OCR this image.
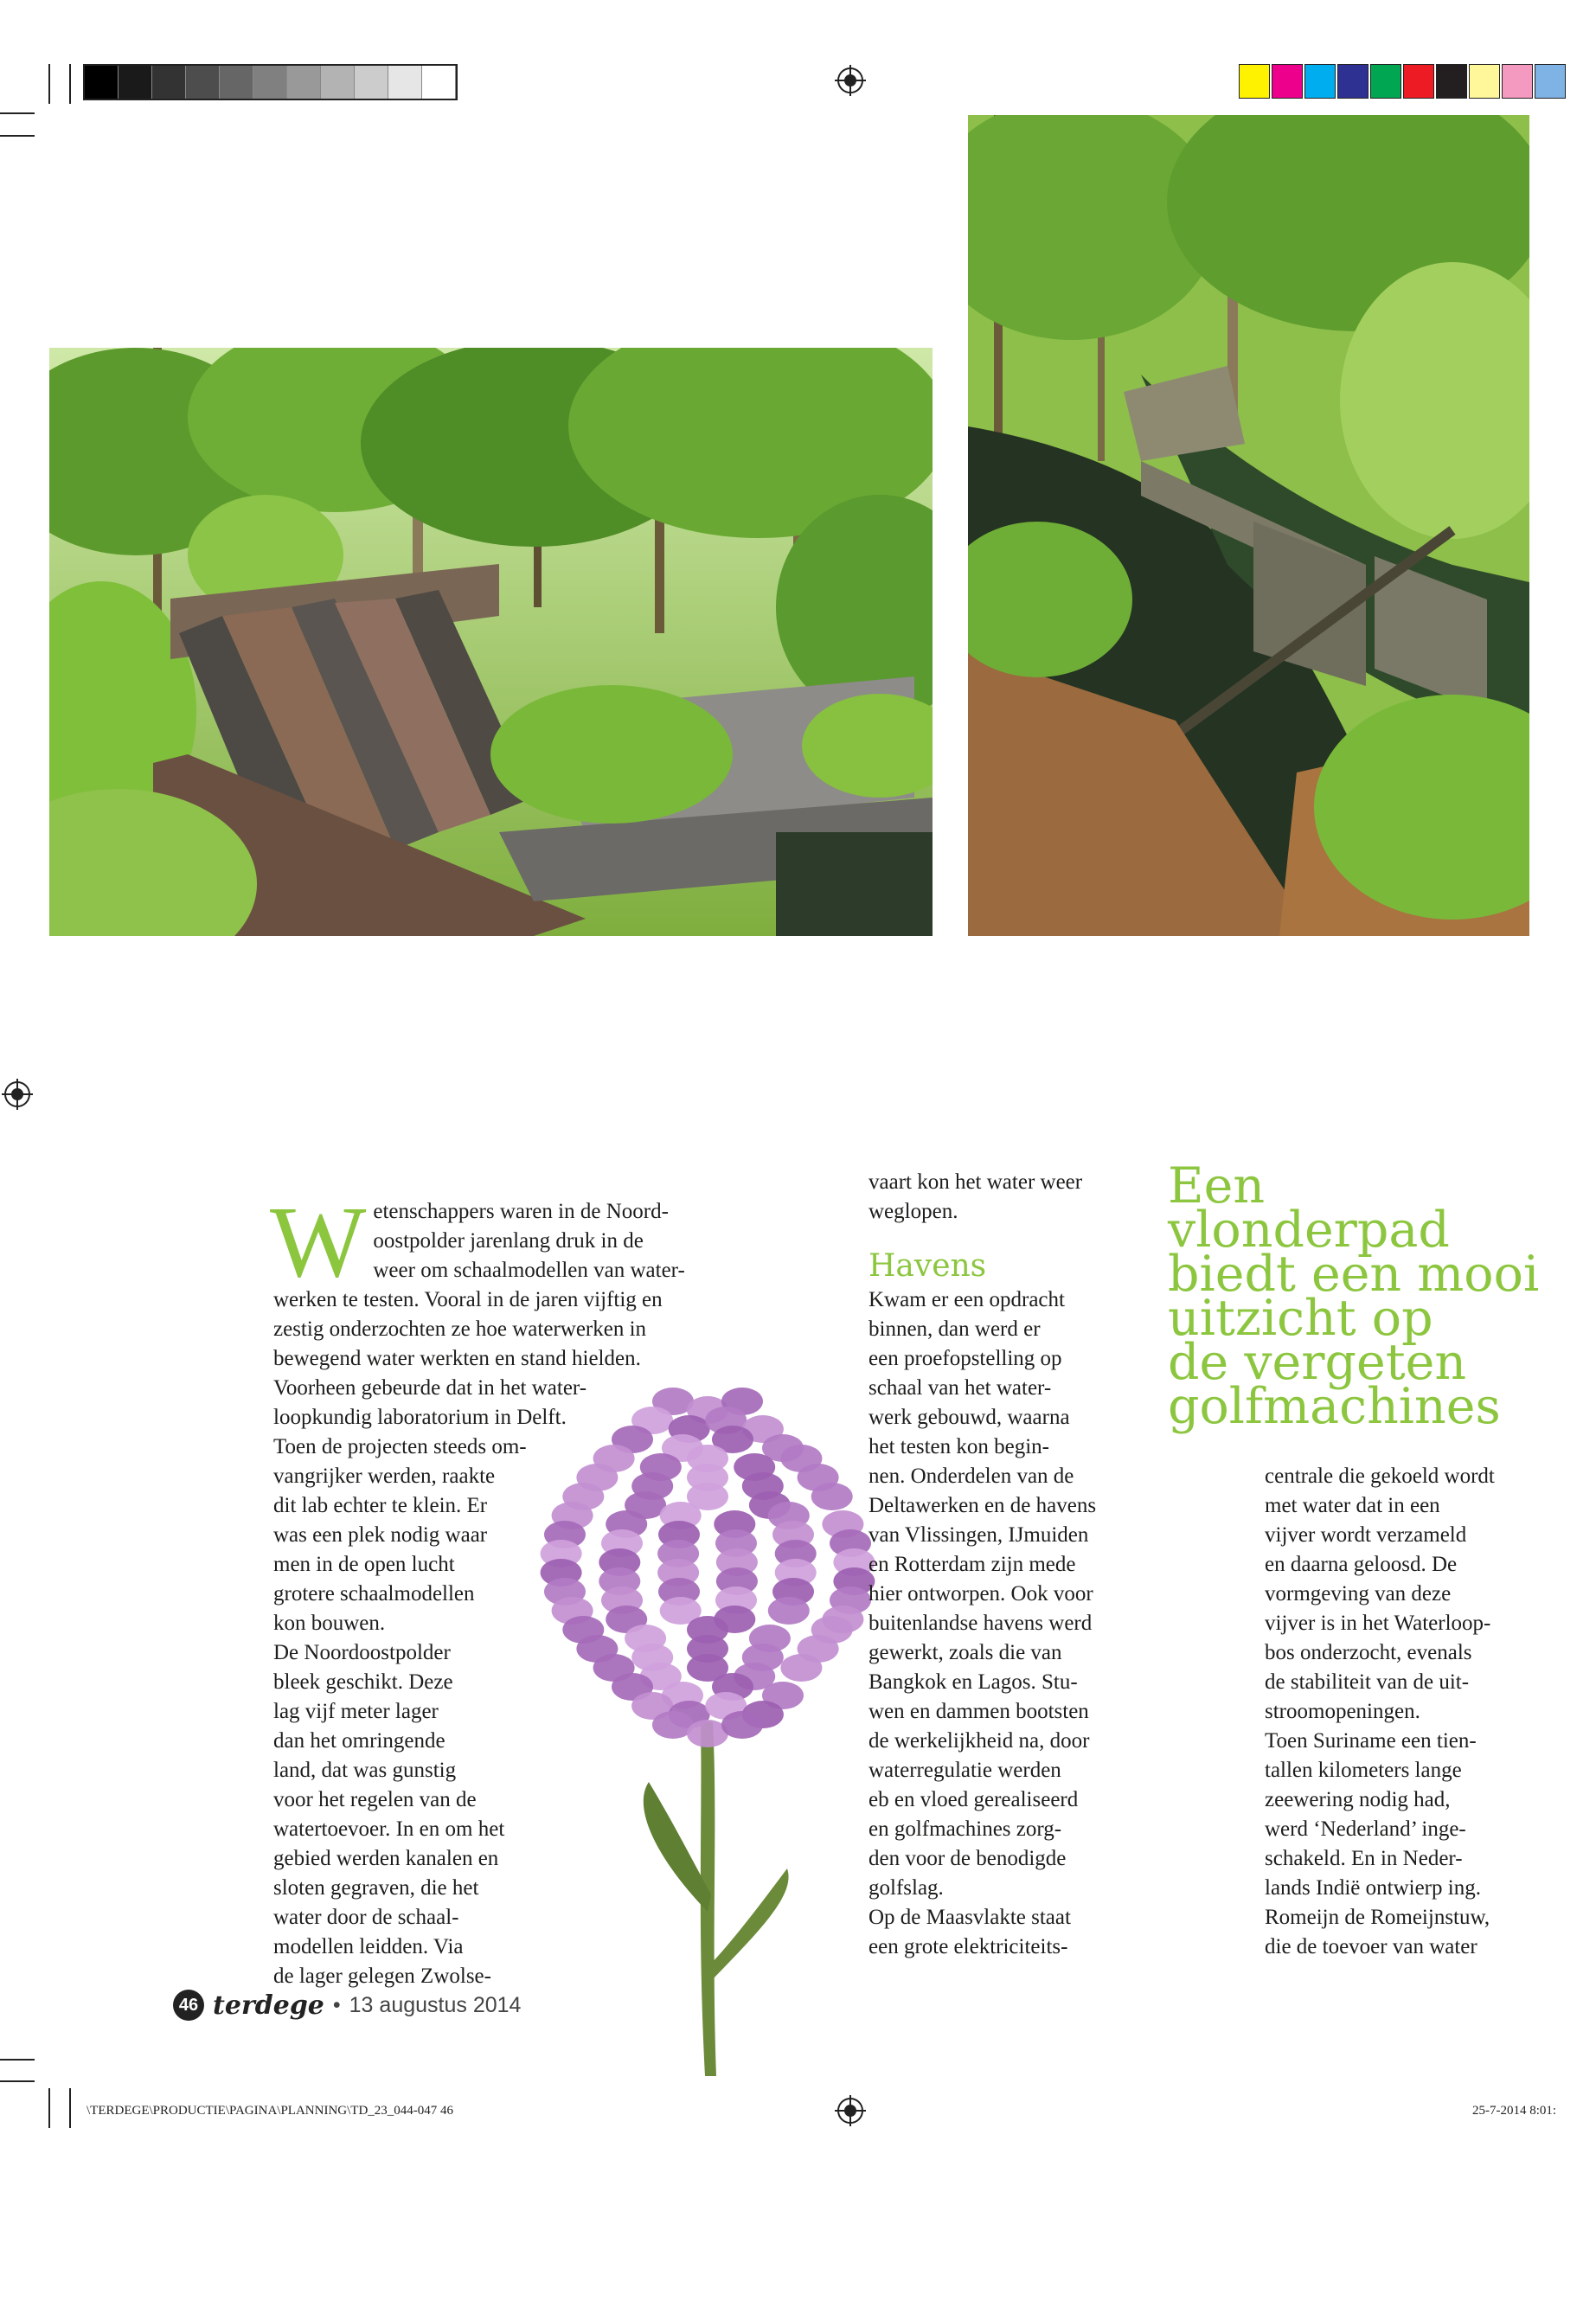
Wetenschappers waren in de Noord-
oostpolder jarenlang druk in de
weer om schaalmodellen van water-
werken te testen. Vooral in de jaren vijftig en
zestig onderzochten ze hoe waterwerken in
bewegend water werkten en stand hielden.
Voorheen gebeurde dat in het water-
loopkundig laboratorium in Delft.
Toen de projecten steeds om-
vangrijker werden, raakte
dit lab echter te klein. Er
was een plek nodig waar
men in de open lucht
grotere schaalmodellen
kon bouwen.
De Noordoostpolder
bleek geschikt. Deze
lag vijf meter lager
dan het omringende
land, dat was gunstig
voor het regelen van de
watertoevoer. In en om het
gebied werden kanalen en
sloten gegraven, die het
water door de schaal-
modellen leidden. Via
de lager gelegen Zwolse-

vaart kon het water weer
weglopen.
Havens
Kwam er een opdracht
binnen, dan werd er
een proefopstelling op
schaal van het water-
werk gebouwd, waarna
het testen kon begin-
nen. Onderdelen van de
Deltawerken en de havens
van Vlissingen, IJmuiden
en Rotterdam zijn mede
hier ontworpen. Ook voor
buitenlandse havens werd
gewerkt, zoals die van
Bangkok en Lagos. Stu-
wen en dammen bootsten
de werkelijkheid na, door
waterregulatie werden
eb en vloed gerealiseerd
en golfmachines zorg-
den voor de benodigde
golfslag.
Op de Maasvlakte staat
een grote elektriciteits-
Een vlonderpad
biedt een mooi
uitzicht op
de vergeten
golfmachines
centrale die gekoeld wordt
met water dat in een
vijver wordt verzameld
en daarna geloosd. De
vormgeving van deze
vijver is in het Waterloop-
bos onderzocht, evenals
de stabiliteit van de uit-
stroomopeningen.
Toen Suriname een tien-
tallen kilometers lange
zeewering nodig had,
werd ‘Nederland’ inge-
schakeld. En in Neder-
lands Indië ontwierp ing.
Romeijn de Romeijnstuw,
die de toevoer van water
46 terdege • 13 augustus 2014
\TERDEGE\PRODUCTIE\PAGINA\PLANNING\TD_23_044-047 46	25-7-2014 8:01:
